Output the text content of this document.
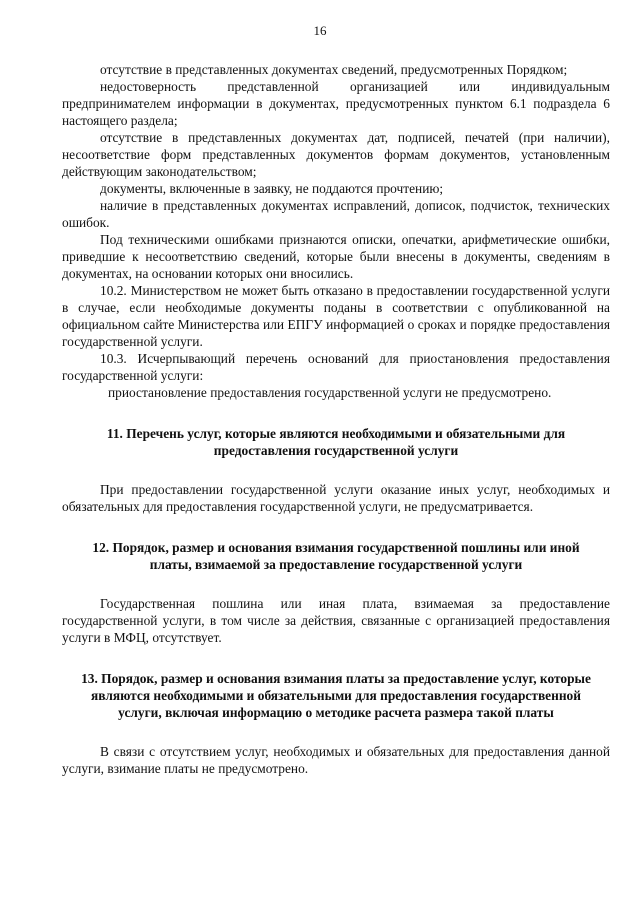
16

отсутствие в представленных документах сведений, предусмотренных Порядком;

недостоверность представленной организацией или индивидуальным предпринимателем информации в документах, предусмотренных пунктом 6.1 подраздела 6 настоящего раздела;

отсутствие в представленных документах дат, подписей, печатей (при наличии), несоответствие форм представленных документов формам документов, установленным действующим законодательством;

документы, включенные в заявку, не поддаются прочтению;

наличие в представленных документах исправлений, дописок, подчисток, технических ошибок.

Под техническими ошибками признаются описки, опечатки, арифметические ошибки, приведшие к несоответствию сведений, которые были внесены в документы, сведениям в документах, на основании которых они вносились.

10.2. Министерством не может быть отказано в предоставлении государственной услуги в случае, если необходимые документы поданы в соответствии с опубликованной на официальном сайте Министерства или ЕПГУ информацией о сроках и порядке предоставления государственной услуги.

10.3. Исчерпывающий перечень оснований для приостановления предоставления государственной услуги:

приостановление предоставления государственной услуги не предусмотрено.

11. Перечень услуг, которые являются необходимыми и обязательными для предоставления государственной услуги

При предоставлении государственной услуги оказание иных услуг, необходимых и обязательных для предоставления государственной услуги, не предусматривается.

12. Порядок, размер и основания взимания государственной пошлины или иной платы, взимаемой за предоставление государственной услуги

Государственная пошлина или иная плата, взимаемая за предоставление государственной услуги, в том числе за действия, связанные с организацией предоставления услуги в МФЦ, отсутствует.

13. Порядок, размер и основания взимания платы за предоставление услуг, которые являются необходимыми и обязательными для предоставления государственной услуги, включая информацию о методике расчета размера такой платы

В связи с отсутствием услуг, необходимых и обязательных для предоставления данной услуги, взимание платы не предусмотрено.
